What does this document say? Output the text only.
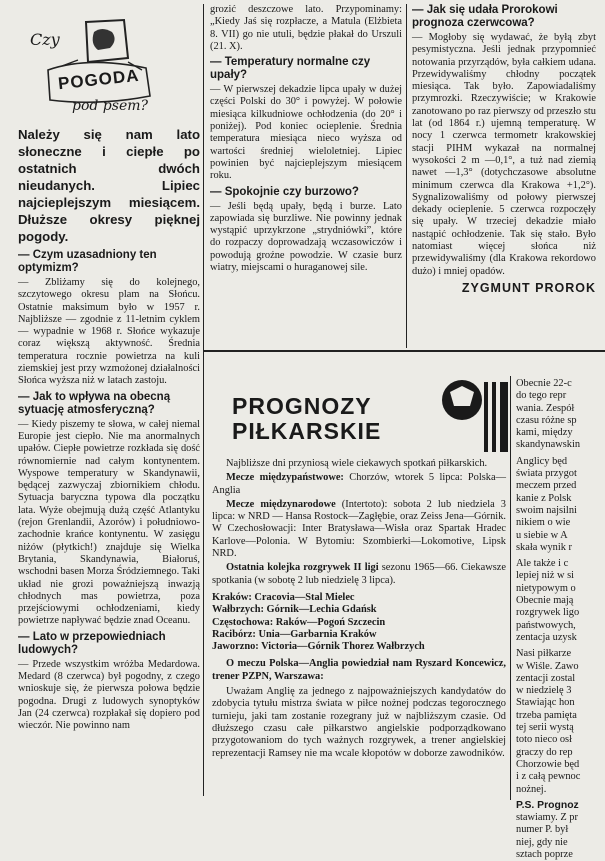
Czy
POGODA
pod psem?

Należy się nam lato słoneczne i ciepłe po ostatnich dwóch nieudanych. Lipiec najcieplejszym miesiącem. Dłuższe okresy pięknej pogody.

— Czym uzasadniony ten optymizm?

— Zbliżamy się do kolejnego, szczytowego okresu plam na Słońcu. Ostatnie maksimum było w 1957 r. Najbliższe — zgodnie z 11-letnim cyklem — wypadnie w 1968 r. Słońce wykazuje coraz większą aktywność. Średnia temperatura rocznie powietrza na kuli ziemskiej jest przy wzmożonej działalności Słońca wyższa niż w latach zastoju.

— Jak to wpływa na obecną sytuację atmosferyczną?

— Kiedy piszemy te słowa, w całej niemal Europie jest ciepło. Nie ma anormalnych upałów. Ciepłe powietrze rozkłada się dość równomiernie nad całym kontynentem. Wyspowe temperatury w Skandynawii, będącej zazwyczaj zbiornikiem chłodu. Sytuacja baryczna typowa dla początku lata. Wyże obejmują dużą część Atlantyku (rejon Grenlandii, Azorów) i południowo-zachodnie krańce kontynentu. W zasięgu niżów (płytkich!) znajduje się Wielka Brytania, Skandynawia, Białoruś, wschodni basen Morza Śródziemnego. Taki układ nie grozi poważniejszą inwazją chłodnych mas powietrza, poza przejściowymi ochłodzeniami, kiedy powietrze napływać będzie znad Oceanu.

— Lato w przepowiedniach ludowych?

— Przede wszystkim wróżba Medardowa. Medard (8 czerwca) był pogodny, z czego wnioskuje się, że pierwsza połowa będzie pogodna. Drugi z ludowych synoptyków Jan (24 czerwca) rozpłakał się dopiero pod wieczór. Nie powinno nam

grozić deszczowe lato. Przypominamy: „Kiedy Jaś się rozpłacze, a Matula (Elżbieta 8. VII) go nie utuli, będzie płakał do Urszuli (21. X).

— Temperatury normalne czy upały?

— W pierwszej dekadzie lipca upały w dużej części Polski do 30° i powyżej. W połowie miesiąca kilkudniowe ochłodzenia (do 20° i poniżej). Pod koniec ocieplenie. Średnia temperatura miesiąca nieco wyższa od wartości średniej wieloletniej. Lipiec powinien być najcieplejszym miesiącem roku.

— Spokojnie czy burzowo?

— Jeśli będą upały, będą i burze. Lato zapowiada się burzliwe. Nie powinny jednak wystąpić uprzykrzone „strydniówki”, które do rozpaczy doprowadzają wczasowiczów i powodują groźne powodzie. W czasie burz wiatry, miejscami o huraganowej sile.

— Jak się udała Prorokowi prognoza czerwcowa?

— Mogłoby się wydawać, że byłą zbyt pesymistyczna. Jeśli jednak przypomnieć notowania przyrządów, była całkiem udana. Przewidywaliśmy chłodny początek miesiąca. Tak było. Zapowiadaliśmy przymrozki. Rzeczywiście; w Krakowie zanotowano po raz pierwszy od przeszło stu lat (od 1864 r.) ujemną temperaturę. W nocy 1 czerwca termometr krakowskiej stacji PIHM wykazał na normalnej wysokości 2 m —0,1°, a tuż nad ziemią nawet —1,3° (dotychczasowe absolutne minimum czerwca dla Krakowa +1,2°). Sygnalizowaliśmy od połowy pierwszej dekady ocieplenie. 5 czerwca rozpoczęły się upały. W trzeciej dekadzie miało nastąpić ochłodzenie. Tak się stało. Było natomiast więcej słońca niż przewidywaliśmy (dla Krakowa rekordowo dużo) i mniej opadów.

ZYGMUNT PROROK

PROGNOZY
PIŁKARSKIE

Najbliższe dni przyniosą wiele ciekawych spotkań piłkarskich.

Mecze międzypaństwowe: Chorzów, wtorek 5 lipca: Polska—Anglia

Mecze międzynarodowe (Intertoto): sobota 2 lub niedziela 3 lipca: w NRD — Hansa Rostock—Zagłębie, oraz Zeiss Jena—Górnik. W Czechosłowacji: Inter Bratysława—Wisła oraz Spartak Hradec Karlove—Polonia. W Bytomiu: Szombierki—Lokomotive, Lipsk NRD.

Ostatnia kolejka rozgrywek II ligi sezonu 1965—66. Ciekawsze spotkania (w sobotę 2 lub niedzielę 3 lipca).

Kraków: Cracovia—Stal Mielec
Wałbrzych: Górnik—Lechia Gdańsk
Częstochowa: Raków—Pogoń Szczecin
Racibórz: Unia—Garbarnia Kraków
Jaworzno: Victoria—Górnik Thorez Wałbrzych

O meczu Polska—Anglia powiedział nam Ryszard Koncewicz, trener PZPN, Warszawa:

Uważam Anglię za jednego z najpoważniejszych kandydatów do zdobycia tytułu mistrza świata w piłce nożnej podczas tegorocznego turnieju, jaki tam zostanie rozegrany już w najbliższym czasie. Od dłuższego czasu całe piłkarstwo angielskie podporządkowano przygotowaniom do tych ważnych rozgrywek, a trener angielskiej reprezentacji Ramsey nie ma wcale kłopotów w doborze zawodników.

Obecnie 22-c
do tego repr
wania. Zespół
czasu różne sp
kami, między
skandynawskin
Anglicy będ
świata przygot
meczem przed
kanie z Polsk
swoim najsilni
nikiem o wie
u siebie w A
skała wynik r
Ale także i c
lepiej niż w si
nietypowym o
Obecnie mają
rozgrywek ligo
państwowych,
zentacja uzysk
Nasi piłkarze
w Wiśle. Zawo
zentacji zostal
w niedzielę 3
Stawiając hon
trzeba pamięta
tej serii wystą
toto nieco osł
graczy do rep
Chorzowie będ
i z całą pewnoc
nożnej.
P.S. Prognoz
stawiamy. Z pr
numer P. był
niej, gdy nie
sztach poprze
